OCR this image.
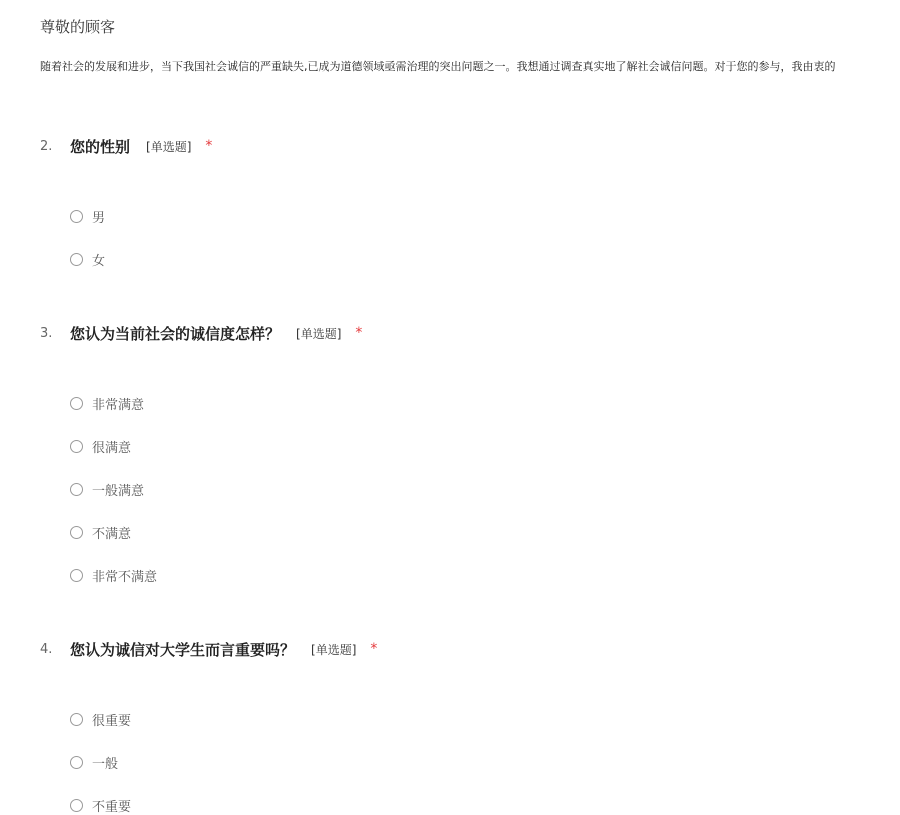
尊敬的顾客
随着社会的发展和进步，当下我国社会诚信的严重缺失,已成为道德领域亟需治理的突出问题之一。我想通过调查真实地了解社会诚信问题。对于您的参与，我由衷的
2.	您的性别 [单选题] *
男
女
3.	您认为当前社会的诚信度怎样？ [单选题] *
非常满意
很满意
一般满意
不满意
非常不满意
4.	您认为诚信对大学生而言重要吗？ [单选题] *
很重要
一般
不重要
